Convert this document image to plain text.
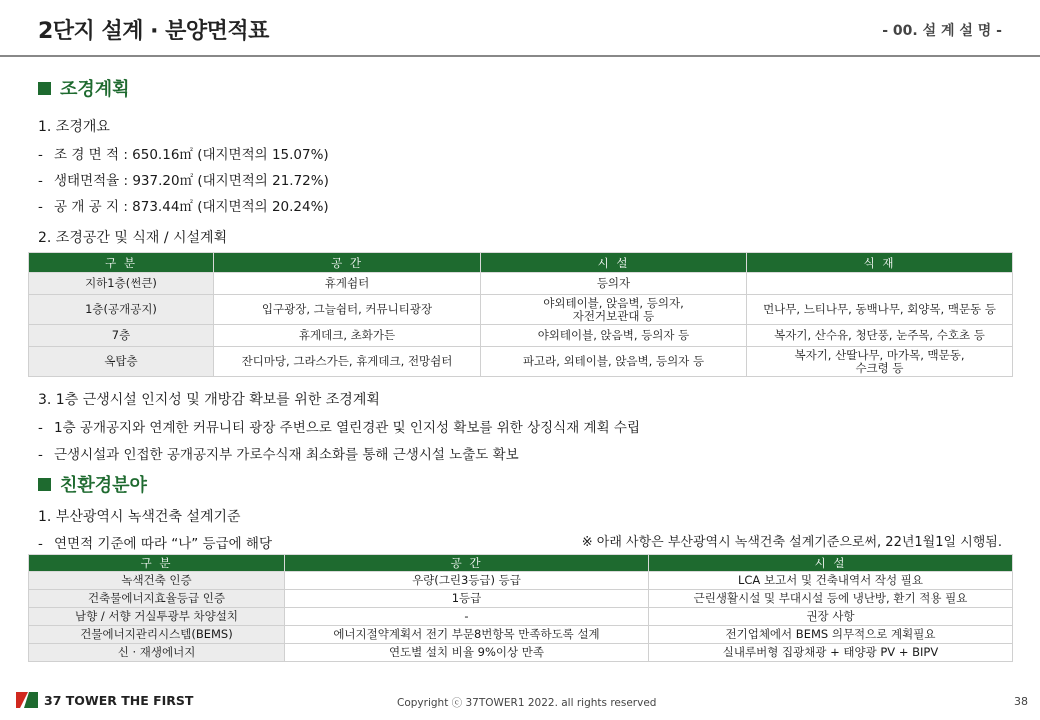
2단지 설계 · 분양면적표	- 00. 설 계 설 명 -
조경계획
1. 조경개요
- 조 경 면 적 : 650.16㎡ (대지면적의 15.07%)
- 생태면적율 : 937.20㎡ (대지면적의 21.72%)
- 공 개 공 지 : 873.44㎡ (대지면적의 20.24%)
2. 조경공간 및 식재 / 시설계획
구 분	공 간	시 설	식 재
지하1층(썬큰)	휴게쉼터	등의자	
1층(공개공지)	입구광장, 그늘쉼터, 커뮤니티광장	야외테이블, 앉음벽, 등의자,
자전거보관대 등	먼나무, 느티나무, 동백나무, 회양목, 맥문동 등
7층	휴게데크, 초화가든	야외테이블, 앉음벽, 등의자 등	복자기, 산수유, 청단풍, 눈주목, 수호초 등
옥탑층	잔디마당, 그라스가든, 휴게데크, 전망쉼터	파고라, 외테이블, 앉음벽, 등의자 등	복자기, 산딸나무, 마가목, 맥문동,
수크령 등
3. 1층 근생시설 인지성 및 개방감 확보를 위한 조경계획
- 1층 공개공지와 연계한 커뮤니티 광장 주변으로 열린경관 및 인지성 확보를 위한 상징식재 계획 수립
- 근생시설과 인접한 공개공지부 가로수식재 최소화를 통해 근생시설 노출도 확보
친환경분야
1. 부산광역시 녹색건축 설계기준
- 연면적 기준에 따라 “나” 등급에 해당	※ 아래 사항은 부산광역시 녹색건축 설계기준으로써, 22년1월1일 시행됨.
구 분	공 간	시 설
녹색건축 인증	우량(그린3등급) 등급	LCA 보고서 및 건축내역서 작성 필요
건축물에너지효율등급 인증	1등급	근린생활시설 및 부대시설 등에 냉난방, 환기 적용 필요
남향 / 서향 거실투광부 차양설치	-	권장 사항
건물에너지관리시스템(BEMS)	에너지절약계획서 전기 부문8번항목 만족하도록 설계	전기업체에서 BEMS 의무적으로 계획필요
신 · 재생에너지	연도별 설치 비율 9%이상 만족	실내루버형 집광채광 + 태양광 PV + BIPV
37 TOWER THE FIRST	Copyright ⓒ 37TOWER1 2022. all rights reserved	38
